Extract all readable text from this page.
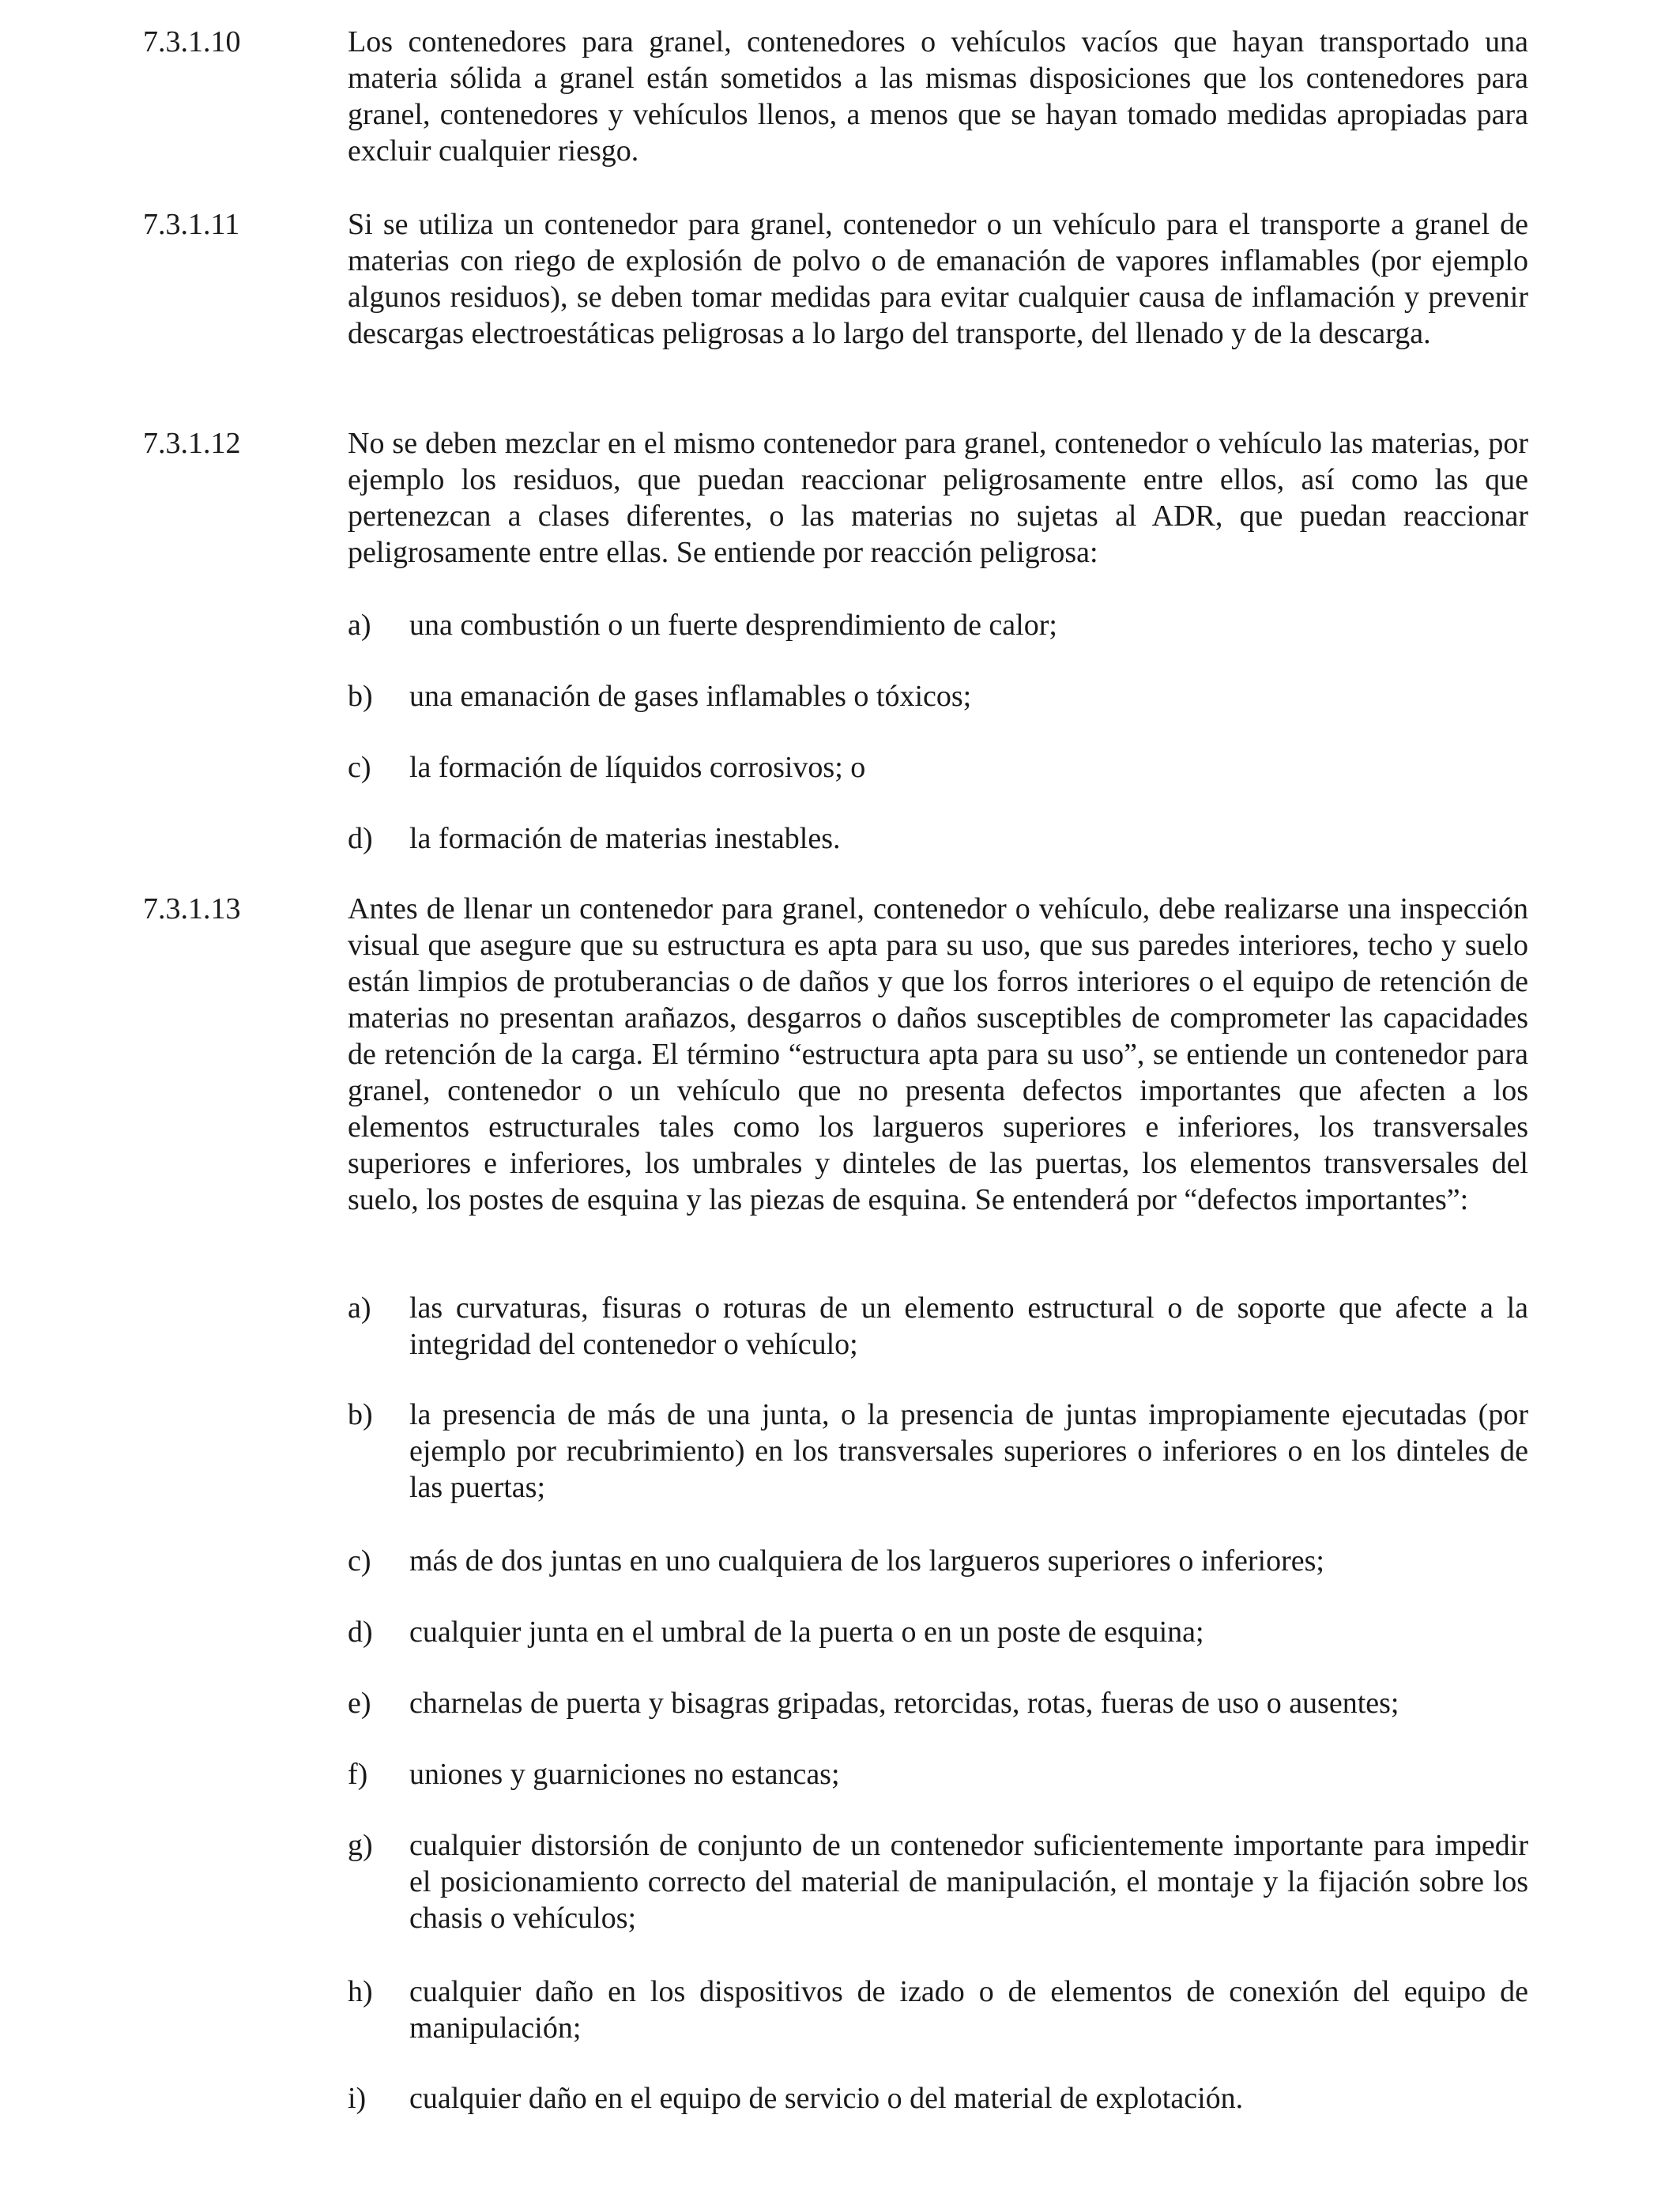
7.3.1.10	Los contenedores para granel, contenedores o vehículos vacíos que hayan transportado una materia sólida a granel están sometidos a las mismas disposiciones que los contenedores para granel, contenedores y vehículos llenos, a menos que se hayan tomado medidas apropiadas para excluir cualquier riesgo.

7.3.1.11	Si se utiliza un contenedor para granel, contenedor o un vehículo para el transporte a granel de materias con riego de explosión de polvo o de emanación de vapores inflamables (por ejemplo algunos residuos), se deben tomar medidas para evitar cualquier causa de inflamación y prevenir descargas electroestáticas peligrosas a lo largo del transporte, del llenado y de la descarga.

7.3.1.12	No se deben mezclar en el mismo contenedor para granel, contenedor o vehículo las materias, por ejemplo los residuos, que puedan reaccionar peligrosamente entre ellos, así como las que pertenezcan a clases diferentes, o las materias no sujetas al ADR, que puedan reaccionar peligrosamente entre ellas. Se entiende por reacción peligrosa:

a) una combustión o un fuerte desprendimiento de calor;

b) una emanación de gases inflamables o tóxicos;

c) la formación de líquidos corrosivos; o

d) la formación de materias inestables.

7.3.1.13	Antes de llenar un contenedor para granel, contenedor o vehículo, debe realizarse una inspección visual que asegure que su estructura es apta para su uso, que sus paredes interiores, techo y suelo están limpios de protuberancias o de daños y que los forros interiores o el equipo de retención de materias no presentan arañazos, desgarros o daños susceptibles de comprometer las capacidades de retención de la carga. El término “estructura apta para su uso”, se entiende un contenedor para granel, contenedor o un vehículo que no presenta defectos importantes que afecten a los elementos estructurales tales como los largueros superiores e inferiores, los transversales superiores e inferiores, los umbrales y dinteles de las puertas, los elementos transversales del suelo, los postes de esquina y las piezas de esquina. Se entenderá por “defectos importantes”:

a) las curvaturas, fisuras o roturas de un elemento estructural o de soporte que afecte a la integridad del contenedor o vehículo;

b) la presencia de más de una junta, o la presencia de juntas impropiamente ejecutadas (por ejemplo por recubrimiento) en los transversales superiores o inferiores o en los dinteles de las puertas;

c) más de dos juntas en uno cualquiera de los largueros superiores o inferiores;

d) cualquier junta en el umbral de la puerta o en un poste de esquina;

e) charnelas de puerta y bisagras gripadas, retorcidas, rotas, fueras de uso o ausentes;

f) uniones y guarniciones no estancas;

g) cualquier distorsión de conjunto de un contenedor suficientemente importante para impedir el posicionamiento correcto del material de manipulación, el montaje y la fijación sobre los chasis o vehículos;

h) cualquier daño en los dispositivos de izado o de elementos de conexión del equipo de manipulación;

i) cualquier daño en el equipo de servicio o del material de explotación.
